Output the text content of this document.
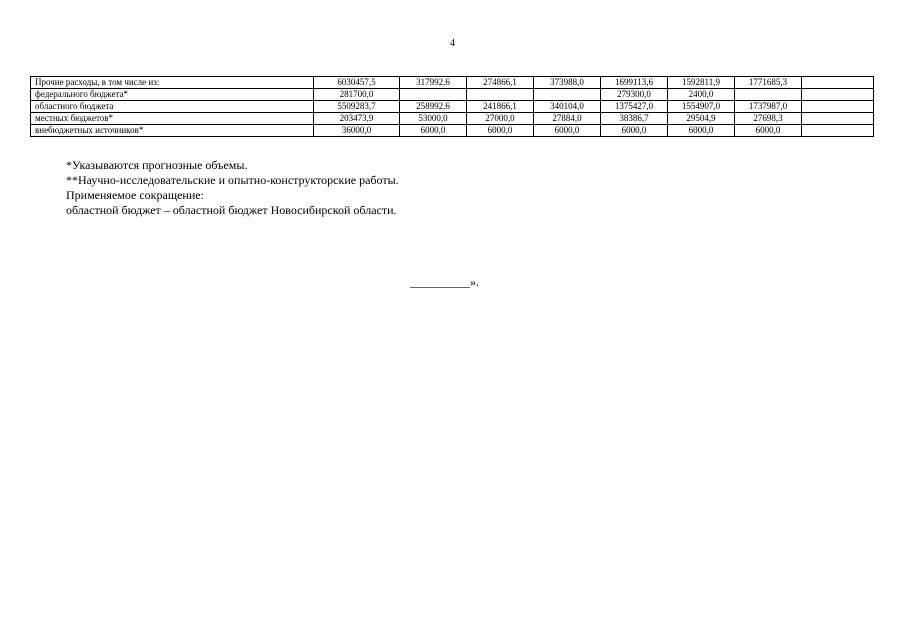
4
Прочие расходы, в том числе из:	6030457,5	317992,6	274866,1	373988,0	1699113,6	1592811,9	1771685,3	
федерального бюджета*	281700,0				279300,0	2400,0		
областного бюджета	5509283,7	258992,6	241866,1	340104,0	1375427,0	1554907,0	1737987,0	
местных бюджетов*	203473,9	53000,0	27000,0	27884,0	38386,7	29504,9	27698,3	
внебюджетных источников*	36000,0	6000,0	6000,0	6000,0	6000,0	6000,0	6000,0	
*Указываются прогнозные объемы.
**Научно-исследовательские и опытно-конструкторские работы.
Применяемое сокращение:
областной бюджет – областной бюджет Новосибирской области.
__________».
